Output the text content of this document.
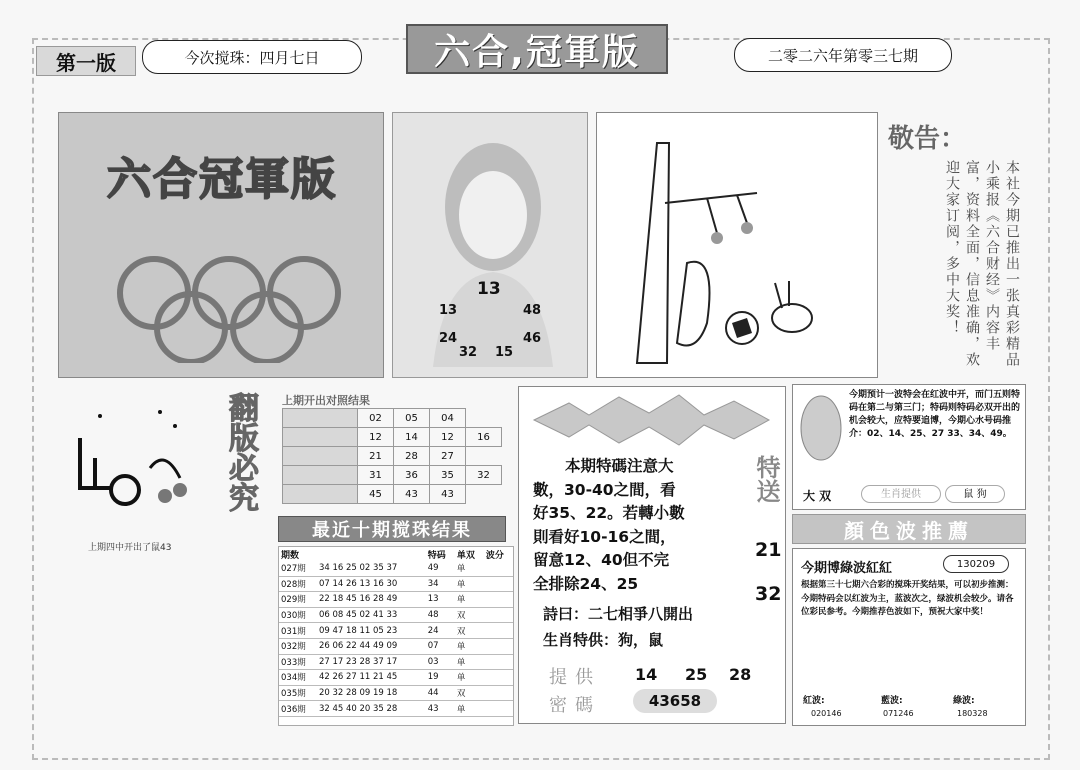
第一版	今次搅珠：四月七日	六合,冠軍版	二零二六年第零三七期
六合冠軍版
13
13	48
24	46
32 15
敬告：
本社今期已推出一张真彩精品小乘报《六合财经》内容丰富，资料全面，信息准确，欢迎大家订阅，多中大奖！
上期四中开出了鼠43
翻版必究	上期开出对照结果
	02	05	04	
	12	14	12	16
	21	28	27	
	31	36	35	32
	45	43	43	
最近十期搅珠结果
期数		特码	单双	波分
027期	34 16 25 02 35 37	49	单	
028期	07 14 26 13 16 30	34	单	
029期	22 18 45 16 28 49	13	单	
030期	06 08 45 02 41 33	48	双	
031期	09 47 18 11 05 23	24	双	
032期	26 06 22 44 49 09	07	单	
033期	27 17 23 28 37 17	03	单	
034期	42 26 27 11 21 45	19	单	
035期	20 32 28 09 19 18	44	双	
036期	32 45 40 20 35 28	43	单	
本期特碼注意大
數，30-40之間，看
好35、22。若轉小數
則看好10-16之間，
留意12、40但不完
全排除24、25
詩曰：二七相爭八開出
生肖特供：狗，鼠
特送
21
32
提供 14 25 28
密碼	43658
今期预计一波特会在红波中开，而门五则特码在第二与第三门；特码则特码必双开出的机会较大，应特要追博，今期心水号码推介：02、14、25、27 33、34、49。
大 双	生肖提供	鼠 狗
顏色波推薦
今期博綠波紅紅	130209
根据第三十七期六合彩的搅珠开奖结果，可以初步推测：今期特码会以红波为主，蓝波次之，绿波机会较少。请各位彩民参考。今期推荐色波如下，预祝大家中奖！
紅波:	藍波:	綠波:
020146	071246	180328
